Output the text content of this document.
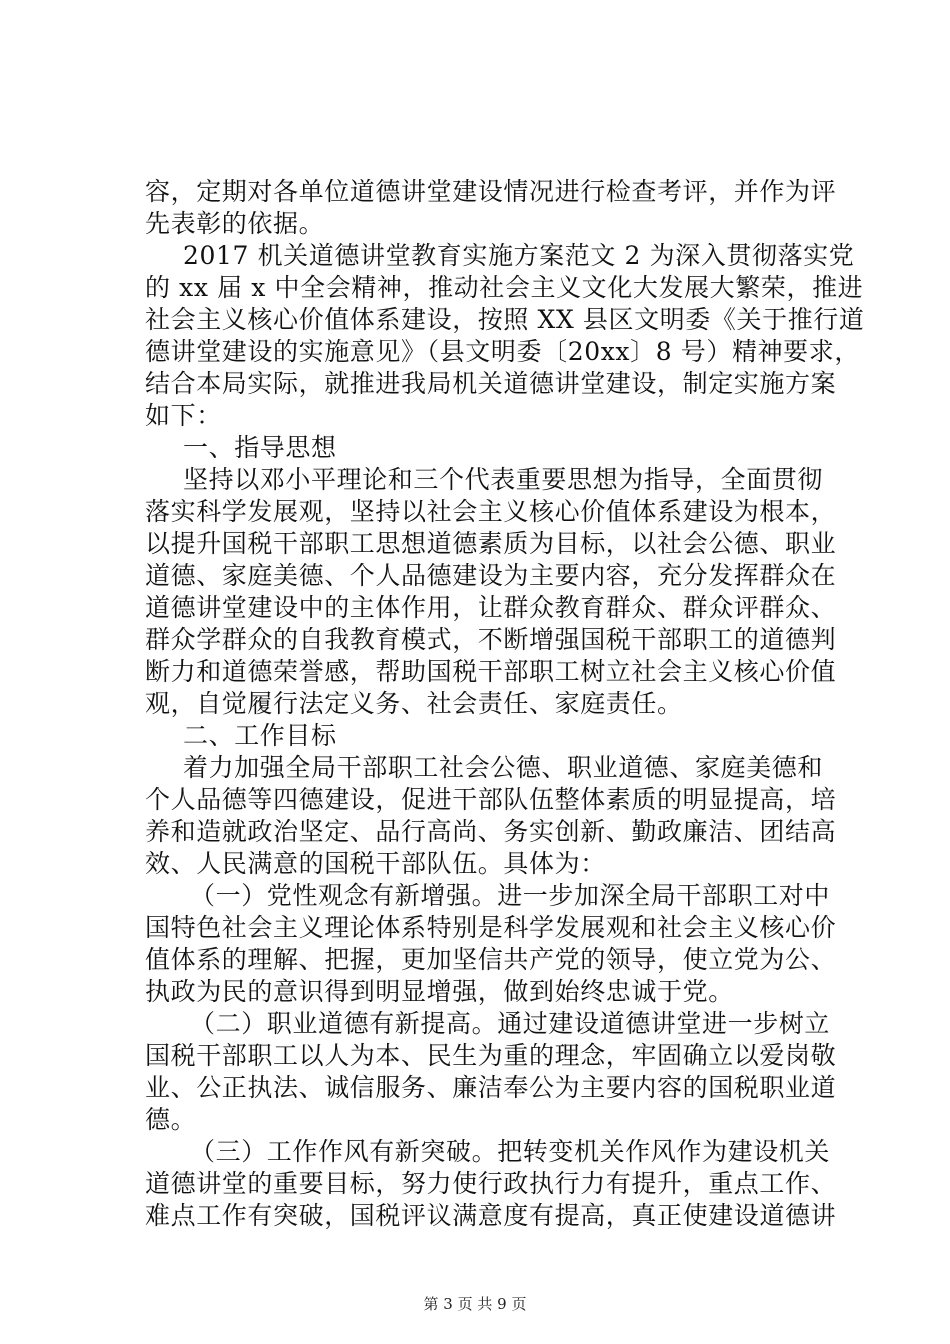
容，定期对各单位道德讲堂建设情况进行检查考评，并作为评
先表彰的依据。
2017 机关道德讲堂教育实施方案范文 2 为深入贯彻落实党
的 xx 届 x 中全会精神，推动社会主义文化大发展大繁荣，推进
社会主义核心价值体系建设，按照 XX 县区文明委《关于推行道
德讲堂建设的实施意见》（县文明委〔20xx〕8 号）精神要求，
结合本局实际，就推进我局机关道德讲堂建设，制定实施方案
如下：
一、指导思想
坚持以邓小平理论和三个代表重要思想为指导，全面贯彻
落实科学发展观，坚持以社会主义核心价值体系建设为根本，
以提升国税干部职工思想道德素质为目标，以社会公德、职业
道德、家庭美德、个人品德建设为主要内容，充分发挥群众在
道德讲堂建设中的主体作用，让群众教育群众、群众评群众、
群众学群众的自我教育模式，不断增强国税干部职工的道德判
断力和道德荣誉感，帮助国税干部职工树立社会主义核心价值
观，自觉履行法定义务、社会责任、家庭责任。
二、工作目标
着力加强全局干部职工社会公德、职业道德、家庭美德和
个人品德等四德建设，促进干部队伍整体素质的明显提高，培
养和造就政治坚定、品行高尚、务实创新、勤政廉洁、团结高
效、人民满意的国税干部队伍。具体为：
（一）党性观念有新增强。进一步加深全局干部职工对中
国特色社会主义理论体系特别是科学发展观和社会主义核心价
值体系的理解、把握，更加坚信共产党的领导，使立党为公、
执政为民的意识得到明显增强，做到始终忠诚于党。
（二）职业道德有新提高。通过建设道德讲堂进一步树立
国税干部职工以人为本、民生为重的理念，牢固确立以爱岗敬
业、公正执法、诚信服务、廉洁奉公为主要内容的国税职业道
德。
（三）工作作风有新突破。把转变机关作风作为建设机关
道德讲堂的重要目标，努力使行政执行力有提升，重点工作、
难点工作有突破，国税评议满意度有提高，真正使建设道德讲
第 3 页 共 9 页
